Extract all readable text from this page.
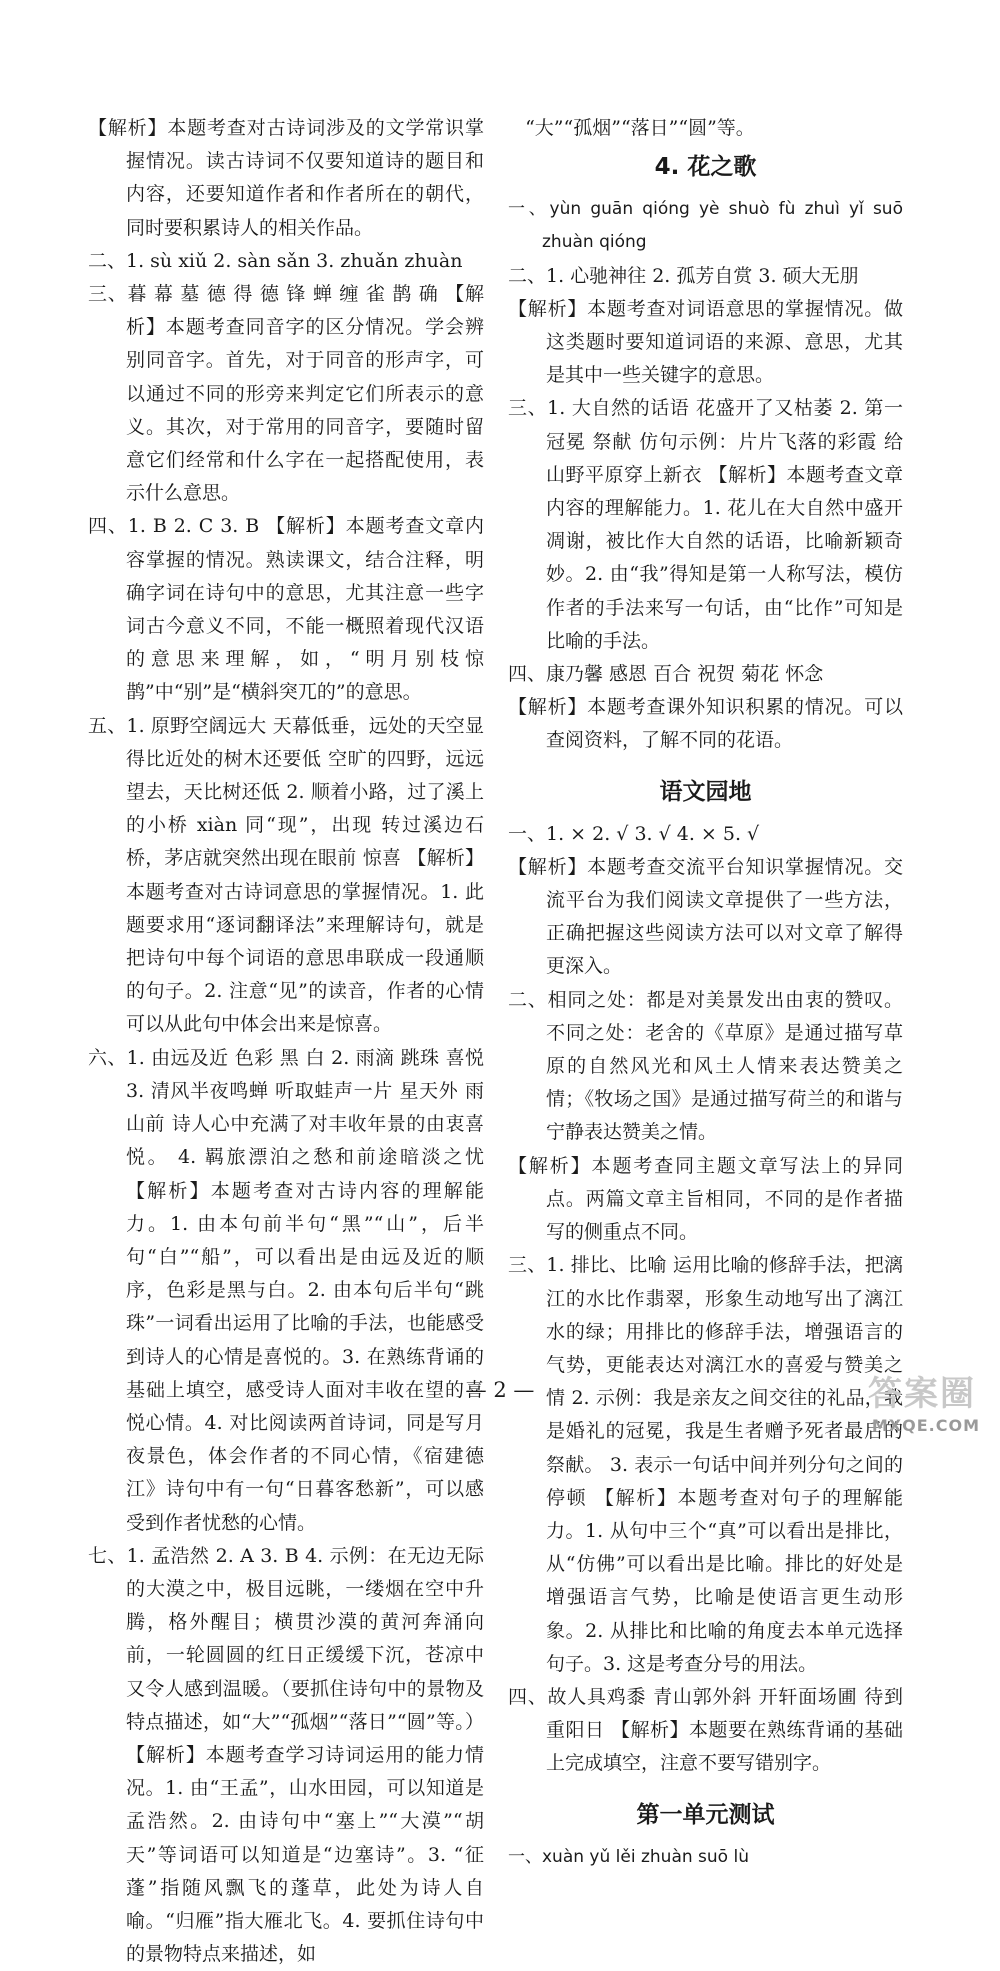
【解析】本题考查对古诗词涉及的文学常识掌握情况。读古诗词不仅要知道诗的题目和内容，还要知道作者和作者所在的朝代，同时要积累诗人的相关作品。

二、1. sù xiǔ 2. sàn sǎn 3. zhuǎn zhuàn

三、暮 幕 墓 德 得 德 锋 蝉 缠 雀 鹊 确 【解析】本题考查同音字的区分情况。学会辨别同音字。首先，对于同音的形声字，可以通过不同的形旁来判定它们所表示的意义。其次，对于常用的同音字，要随时留意它们经常和什么字在一起搭配使用，表示什么意思。

四、1. B 2. C 3. B 【解析】本题考查文章内容掌握的情况。熟读课文，结合注释，明确字词在诗句中的意思，尤其注意一些字词古今意义不同，不能一概照着现代汉语的意思来理解，如，“明月别枝惊鹊”中“别”是“横斜突兀的”的意思。

五、1. 原野空阔远大 天幕低垂，远处的天空显得比近处的树木还要低 空旷的四野，远远望去，天比树还低 2. 顺着小路，过了溪上的小桥 xiàn 同“现”，出现 转过溪边石桥，茅店就突然出现在眼前 惊喜 【解析】本题考查对古诗词意思的掌握情况。1. 此题要求用“逐词翻译法”来理解诗句，就是把诗句中每个词语的意思串联成一段通顺的句子。2. 注意“见”的读音，作者的心情可以从此句中体会出来是惊喜。

六、1. 由远及近 色彩 黑 白 2. 雨滴 跳珠 喜悦 3. 清风半夜鸣蝉 听取蛙声一片 星天外 雨山前 诗人心中充满了对丰收年景的由衷喜悦。 4. 羁旅漂泊之愁和前途暗淡之忧 【解析】本题考查对古诗内容的理解能力。1. 由本句前半句“黑”“山”，后半句“白”“船”，可以看出是由远及近的顺序，色彩是黑与白。2. 由本句后半句“跳珠”一词看出运用了比喻的手法，也能感受到诗人的心情是喜悦的。3. 在熟练背诵的基础上填空，感受诗人面对丰收在望的喜悦心情。4. 对比阅读两首诗词，同是写月夜景色，体会作者的不同心情，《宿建德江》诗句中有一句“日暮客愁新”，可以感受到作者忧愁的心情。

七、1. 孟浩然 2. A 3. B 4. 示例：在无边无际的大漠之中，极目远眺，一缕烟在空中升腾，格外醒目；横贯沙漠的黄河奔涌向前，一轮圆圆的红日正缓缓下沉，苍凉中又令人感到温暖。（要抓住诗句中的景物及特点描述，如“大”“孤烟”“落日”“圆”等。） 【解析】本题考查学习诗词运用的能力情况。1. 由“王孟”，山水田园，可以知道是孟浩然。2. 由诗句中“塞上”“大漠”“胡天”等词语可以知道是“边塞诗”。3. “征蓬”指随风飘飞的蓬草，此处为诗人自喻。“归雁”指大雁北飞。4. 要抓住诗句中的景物特点来描述，如

“大”“孤烟”“落日”“圆”等。

4. 花之歌

一、yùn guān qióng yè shuò fù zhuì yǐ suō zhuàn qióng

二、1. 心驰神往 2. 孤芳自赏 3. 硕大无朋

【解析】本题考查对词语意思的掌握情况。做这类题时要知道词语的来源、意思，尤其是其中一些关键字的意思。

三、1. 大自然的话语 花盛开了又枯萎 2. 第一冠冕 祭献 仿句示例：片片飞落的彩霞 给山野平原穿上新衣 【解析】本题考查文章内容的理解能力。1. 花儿在大自然中盛开凋谢，被比作大自然的话语，比喻新颖奇妙。2. 由“我”得知是第一人称写法，模仿作者的手法来写一句话，由“比作”可知是比喻的手法。

四、康乃馨 感恩 百合 祝贺 菊花 怀念

【解析】本题考查课外知识积累的情况。可以查阅资料，了解不同的花语。

语文园地

一、1. × 2. √ 3. √ 4. × 5. √

【解析】本题考查交流平台知识掌握情况。交流平台为我们阅读文章提供了一些方法，正确把握这些阅读方法可以对文章了解得更深入。

二、相同之处：都是对美景发出由衷的赞叹。 不同之处：老舍的《草原》是通过描写草原的自然风光和风土人情来表达赞美之情；《牧场之国》是通过描写荷兰的和谐与宁静表达赞美之情。

【解析】本题考查同主题文章写法上的异同点。两篇文章主旨相同，不同的是作者描写的侧重点不同。

三、1. 排比、比喻 运用比喻的修辞手法，把漓江的水比作翡翠，形象生动地写出了漓江水的绿；用排比的修辞手法，增强语言的气势，更能表达对漓江水的喜爱与赞美之情 2. 示例：我是亲友之间交往的礼品，我是婚礼的冠冕，我是生者赠予死者最后的祭献。 3. 表示一句话中间并列分句之间的停顿 【解析】本题考查对句子的理解能力。1. 从句中三个“真”可以看出是排比，从“仿佛”可以看出是比喻。排比的好处是增强语言气势，比喻是使语言更生动形象。2. 从排比和比喻的角度去本单元选择句子。3. 这是考查分号的用法。

四、故人具鸡黍 青山郭外斜 开轩面场圃 待到重阳日 【解析】本题要在熟练背诵的基础上完成填空，注意不要写错别字。

第一单元测试

一、xuàn yǔ lěi zhuàn suō lù

— 2 —	答案圈
MXQE.COM
